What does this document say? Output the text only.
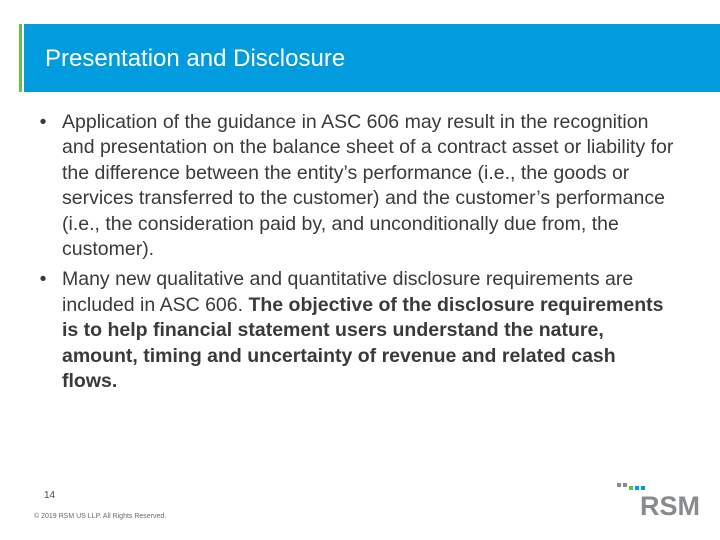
Presentation and Disclosure
• Application of the guidance in ASC 606 may result in the recognition and presentation on the balance sheet of a contract asset or liability for the difference between the entity’s performance (i.e., the goods or services transferred to the customer) and the customer’s performance (i.e., the consideration paid by, and unconditionally due from, the customer).
• Many new qualitative and quantitative disclosure requirements are included in ASC 606. The objective of the disclosure requirements is to help financial statement users understand the nature, amount, timing and uncertainty of revenue and related cash flows.
14
© 2019 RSM US LLP. All Rights Reserved.	RSM
